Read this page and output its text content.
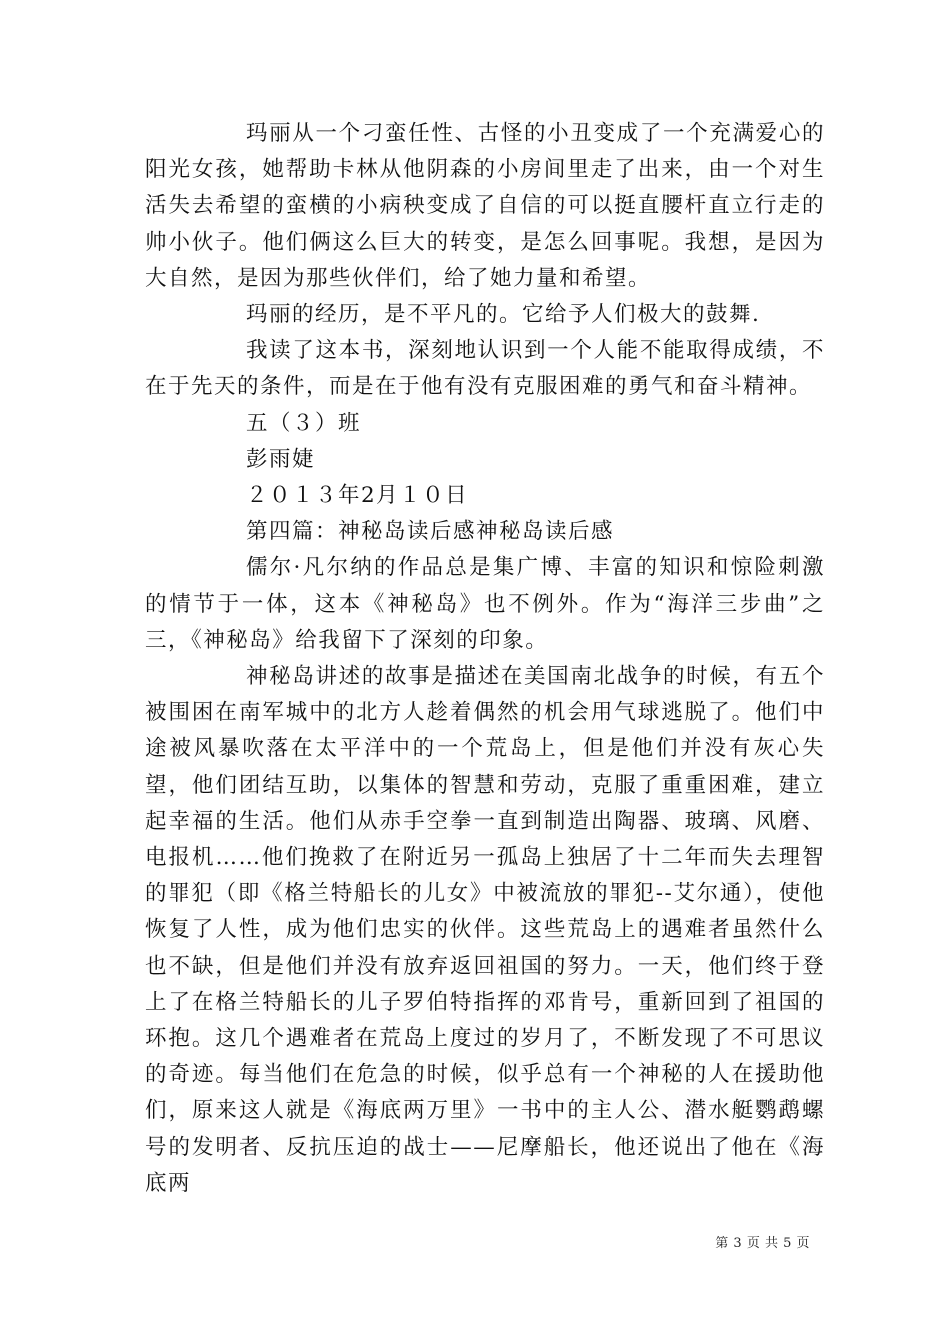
玛丽从一个刁蛮任性、古怪的小丑变成了一个充满爱心的阳光女孩，她帮助卡林从他阴森的小房间里走了出来，由一个对生活失去希望的蛮横的小病秧变成了自信的可以挺直腰杆直立行走的帅小伙子。他们俩这么巨大的转变，是怎么回事呢。我想，是因为大自然，是因为那些伙伴们，给了她力量和希望。

玛丽的经历，是不平凡的。它给予人们极大的鼓舞.

我读了这本书，深刻地认识到一个人能不能取得成绩，不在于先天的条件，而是在于他有没有克服困难的勇气和奋斗精神。

五（３）班

彭雨婕

２０１３年2月１０日

第四篇：神秘岛读后感神秘岛读后感

儒尔·凡尔纳的作品总是集广博、丰富的知识和惊险刺激的情节于一体，这本《神秘岛》也不例外。作为“海洋三步曲”之三，《神秘岛》给我留下了深刻的印象。

神秘岛讲述的故事是描述在美国南北战争的时候，有五个被围困在南军城中的北方人趁着偶然的机会用气球逃脱了。他们中途被风暴吹落在太平洋中的一个荒岛上，但是他们并没有灰心失望，他们团结互助，以集体的智慧和劳动，克服了重重困难，建立起幸福的生活。他们从赤手空拳一直到制造出陶器、玻璃、风磨、电报机……他们挽救了在附近另一孤岛上独居了十二年而失去理智的罪犯（即《格兰特船长的儿女》中被流放的罪犯--艾尔通），使他恢复了人性，成为他们忠实的伙伴。这些荒岛上的遇难者虽然什么也不缺，但是他们并没有放弃返回祖国的努力。一天，他们终于登上了在格兰特船长的儿子罗伯特指挥的邓肯号，重新回到了祖国的环抱。这几个遇难者在荒岛上度过的岁月了，不断发现了不可思议的奇迹。每当他们在危急的时候，似乎总有一个神秘的人在援助他们，原来这人就是《海底两万里》一书中的主人公、潜水艇鹦鹉螺号的发明者、反抗压迫的战士——尼摩船长，他还说出了他在《海底两

第 3 页 共 5 页
